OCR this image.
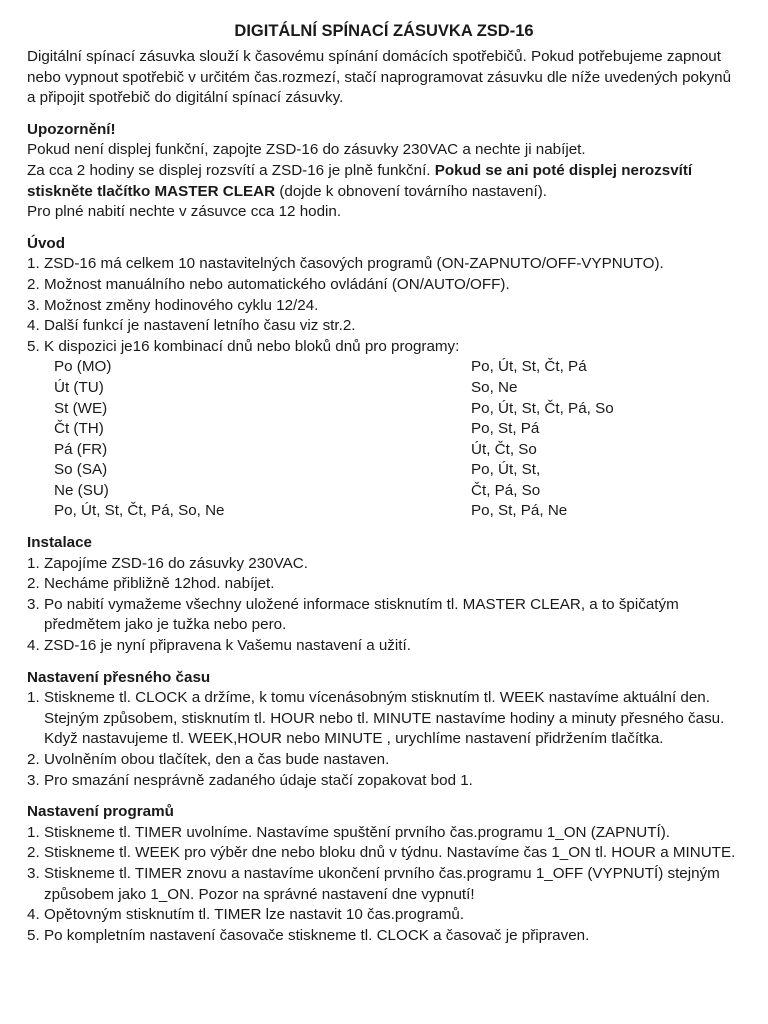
DIGITÁLNÍ SPÍNACÍ ZÁSUVKA ZSD-16

Digitální spínací zásuvka slouží k časovému spínání domácích spotřebičů. Pokud potřebujeme zapnout nebo vypnout spotřebič v určitém čas.rozmezí, stačí naprogramovat zásuvku dle níže uvedených pokynů a připojit spotřebič do digitální spínací zásuvky.

Upozornění!

Pokud není displej funkční, zapojte ZSD-16 do zásuvky 230VAC a nechte ji nabíjet.

Za cca 2 hodiny se displej rozsvítí a ZSD-16 je plně funkční. Pokud se ani poté displej nerozsvítí stiskněte tlačítko MASTER CLEAR (dojde k obnovení továrního nastavení).

Pro plné nabití nechte v zásuvce cca 12 hodin.

Úvod

1. ZSD-16 má celkem 10 nastavitelných časových programů (ON-ZAPNUTO/OFF-VYPNUTO).
2. Možnost manuálního nebo automatického ovládání (ON/AUTO/OFF).
3. Možnost změny hodinového cyklu 12/24.
4. Další funkcí je nastavení letního času viz str.2.
5. K dispozici je16 kombinací dnů nebo bloků dnů pro programy:
Po (MO)	Po, Út, St, Čt, Pá
Út (TU)	So, Ne
St (WE)	Po, Út, St, Čt, Pá, So
Čt (TH)	Po, St, Pá
Pá (FR)	Út, Čt, So
So (SA)	Po, Út, St,
Ne (SU)	Čt, Pá, So
Po, Út, St, Čt, Pá, So, Ne	Po, St, Pá, Ne

Instalace

1. Zapojíme ZSD-16 do zásuvky 230VAC.
2. Necháme přibližně 12hod. nabíjet.
3. Po nabití vymažeme všechny uložené informace stisknutím tl. MASTER CLEAR, a to špičatým předmětem jako je tužka nebo pero.
4. ZSD-16 je nyní připravena k Vašemu nastavení a užití.

Nastavení přesného času

1. Stiskneme tl. CLOCK a držíme, k tomu vícenásobným stisknutím tl. WEEK nastavíme aktuální den. Stejným způsobem, stisknutím tl. HOUR nebo tl. MINUTE nastavíme hodiny a minuty přesného času. Když nastavujeme tl. WEEK,HOUR nebo MINUTE , urychlíme nastavení přidržením tlačítka.
2. Uvolněním obou tlačítek, den a čas bude nastaven.
3. Pro smazání nesprávně zadaného údaje stačí zopakovat bod 1.

Nastavení programů

1. Stiskneme tl. TIMER uvolníme. Nastavíme spuštění prvního čas.programu 1_ON (ZAPNUTÍ).
2. Stiskneme tl. WEEK pro výběr dne nebo bloku dnů v týdnu. Nastavíme čas 1_ON tl. HOUR a MINUTE.
3. Stiskneme tl. TIMER znovu a nastavíme ukončení prvního čas.programu 1_OFF (VYPNUTÍ) stejným způsobem jako 1_ON. Pozor na správné nastavení dne vypnutí!
4. Opětovným stisknutím tl. TIMER lze nastavit 10 čas.programů.
5. Po kompletním nastavení časovače stiskneme tl. CLOCK a časovač je připraven.
